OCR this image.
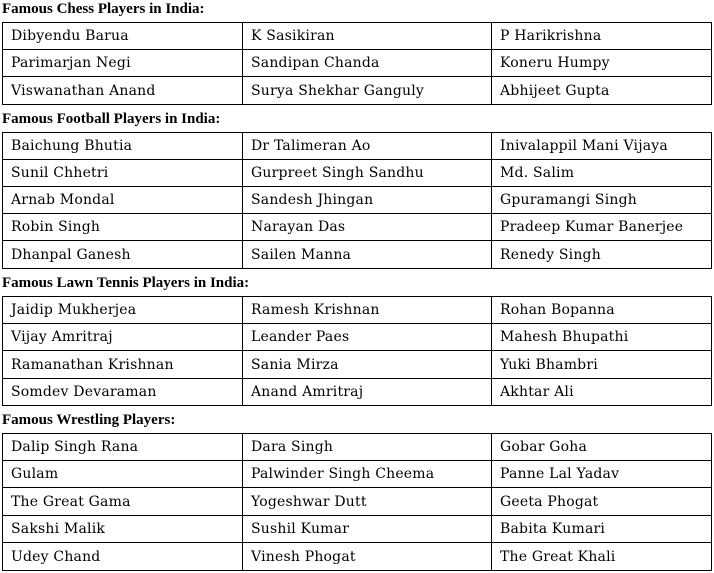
Famous Chess Players in India:
Dibyendu Barua	K Sasikiran	P Harikrishna
Parimarjan Negi	Sandipan Chanda	Koneru Humpy
Viswanathan Anand	Surya Shekhar Ganguly	Abhijeet Gupta
Famous Football Players in India:
Baichung Bhutia	Dr Talimeran Ao	Inivalappil Mani Vijaya
Sunil Chhetri	Gurpreet Singh Sandhu	Md. Salim
Arnab Mondal	Sandesh Jhingan	Gpuramangi Singh
Robin Singh	Narayan Das	Pradeep Kumar Banerjee
Dhanpal Ganesh	Sailen Manna	Renedy Singh
Famous Lawn Tennis Players in India:
Jaidip Mukherjea	Ramesh Krishnan	Rohan Bopanna
Vijay Amritraj	Leander Paes	Mahesh Bhupathi
Ramanathan Krishnan	Sania Mirza	Yuki Bhambri
Somdev Devaraman	Anand Amritraj	Akhtar Ali
Famous Wrestling Players:
Dalip Singh Rana	Dara Singh	Gobar Goha
Gulam	Palwinder Singh Cheema	Panne Lal Yadav
The Great Gama	Yogeshwar Dutt	Geeta Phogat
Sakshi Malik	Sushil Kumar	Babita Kumari
Udey Chand	Vinesh Phogat	The Great Khali
